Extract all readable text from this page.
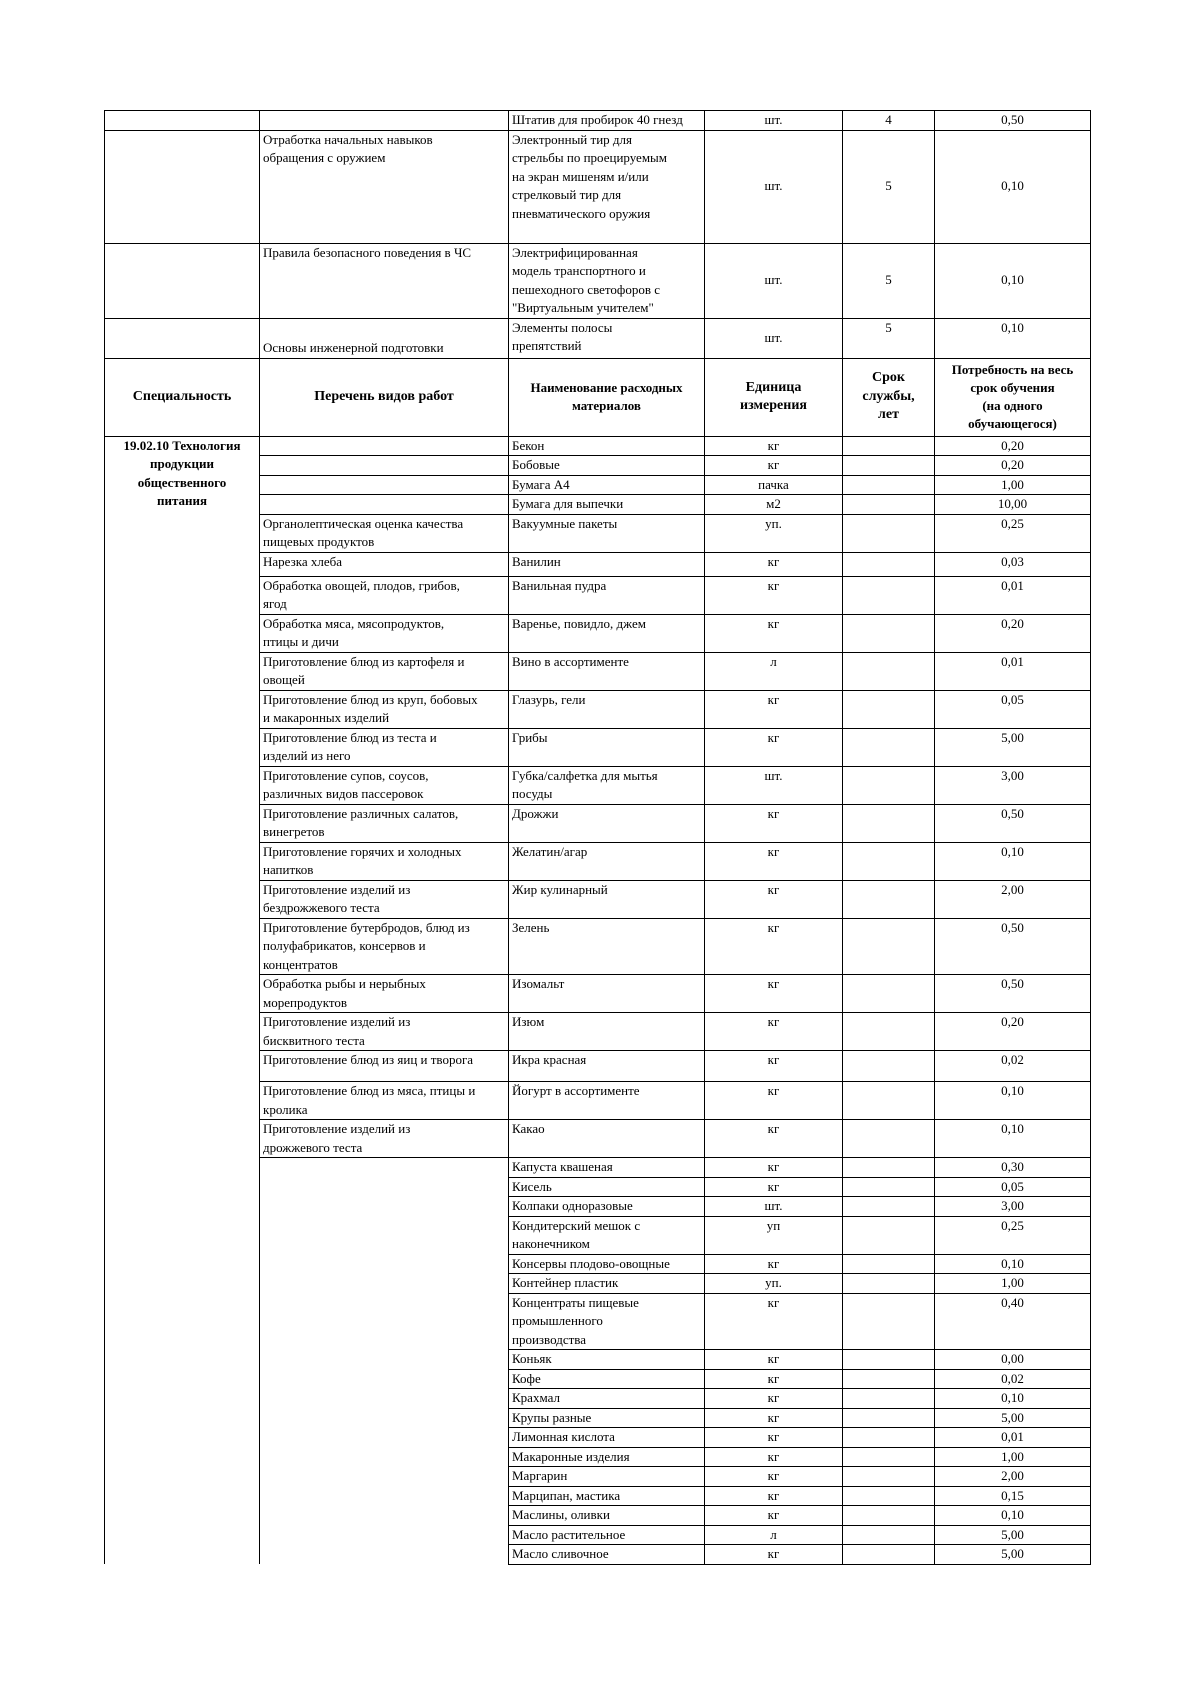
		Штатив для пробирок 40 гнезд	шт.	4	0,50
	Отработка начальных навыков
обращения с оружием	Электронный тир для
стрельбы по проецируемым
на экран мишеням и/или
стрелковый тир для
пневматического оружия	шт.	5	0,10
	Правила безопасного поведения в ЧС	Электрифицированная
модель транспортного и
пешеходного светофоров с
"Виртуальным учителем"	шт.	5	0,10
	Основы инженерной подготовки	Элементы полосы
препятствий	шт.	5	0,10
Специальность	Перечень видов работ	Наименование расходных
материалов	Единица
измерения	Срок
службы,
лет	Потребность на весь
срок обучения
(на одного
обучающегося)
19.02.10 Технология
продукции
общественного
питания		Бекон	кг		0,20
		Бобовые	кг		0,20
		Бумага А4	пачка		1,00
		Бумага для выпечки	м2		10,00
	Органолептическая оценка качества
пищевых продуктов	Вакуумные пакеты	уп.		0,25
	Нарезка хлеба	Ванилин	кг		0,03
	Обработка овощей, плодов, грибов,
ягод	Ванильная пудра	кг		0,01
	Обработка мяса, мясопродуктов,
птицы и дичи	Варенье, повидло, джем	кг		0,20
	Приготовление блюд из картофеля и
овощей	Вино в ассортименте	л		0,01
	Приготовление блюд из круп, бобовых
и макаронных изделий	Глазурь, гели	кг		0,05
	Приготовление блюд из теста и
изделий из него	Грибы	кг		5,00
	Приготовление супов, соусов,
различных видов пассеровок	Губка/салфетка для мытья
посуды	шт.		3,00
	Приготовление различных салатов,
винегретов	Дрожжи	кг		0,50
	Приготовление горячих и холодных
напитков	Желатин/агар	кг		0,10
	Приготовление изделий из
бездрожжевого теста	Жир кулинарный	кг		2,00
	Приготовление бутербродов, блюд из
полуфабрикатов, консервов и
концентратов	Зелень	кг		0,50
	Обработка рыбы и нерыбных
морепродуктов	Изомальт	кг		0,50
	Приготовление изделий из
бисквитного теста	Изюм	кг		0,20
	Приготовление блюд из яиц и творога	Икра красная	кг		0,02
	Приготовление блюд из мяса, птицы и
кролика	Йогурт в ассортименте	кг		0,10
	Приготовление изделий из
дрожжевого теста	Какао	кг		0,10
		Капуста квашеная	кг		0,30
		Кисель	кг		0,05
		Колпаки одноразовые	шт.		3,00
		Кондитерский мешок с
наконечником	уп		0,25
		Консервы плодово-овощные	кг		0,10
		Контейнер пластик	уп.		1,00
		Концентраты пищевые
промышленного
производства	кг		0,40
		Коньяк	кг		0,00
		Кофе	кг		0,02
		Крахмал	кг		0,10
		Крупы разные	кг		5,00
		Лимонная кислота	кг		0,01
		Макаронные изделия	кг		1,00
		Маргарин	кг		2,00
		Марципан, мастика	кг		0,15
		Маслины, оливки	кг		0,10
		Масло растительное	л		5,00
		Масло сливочное	кг		5,00
